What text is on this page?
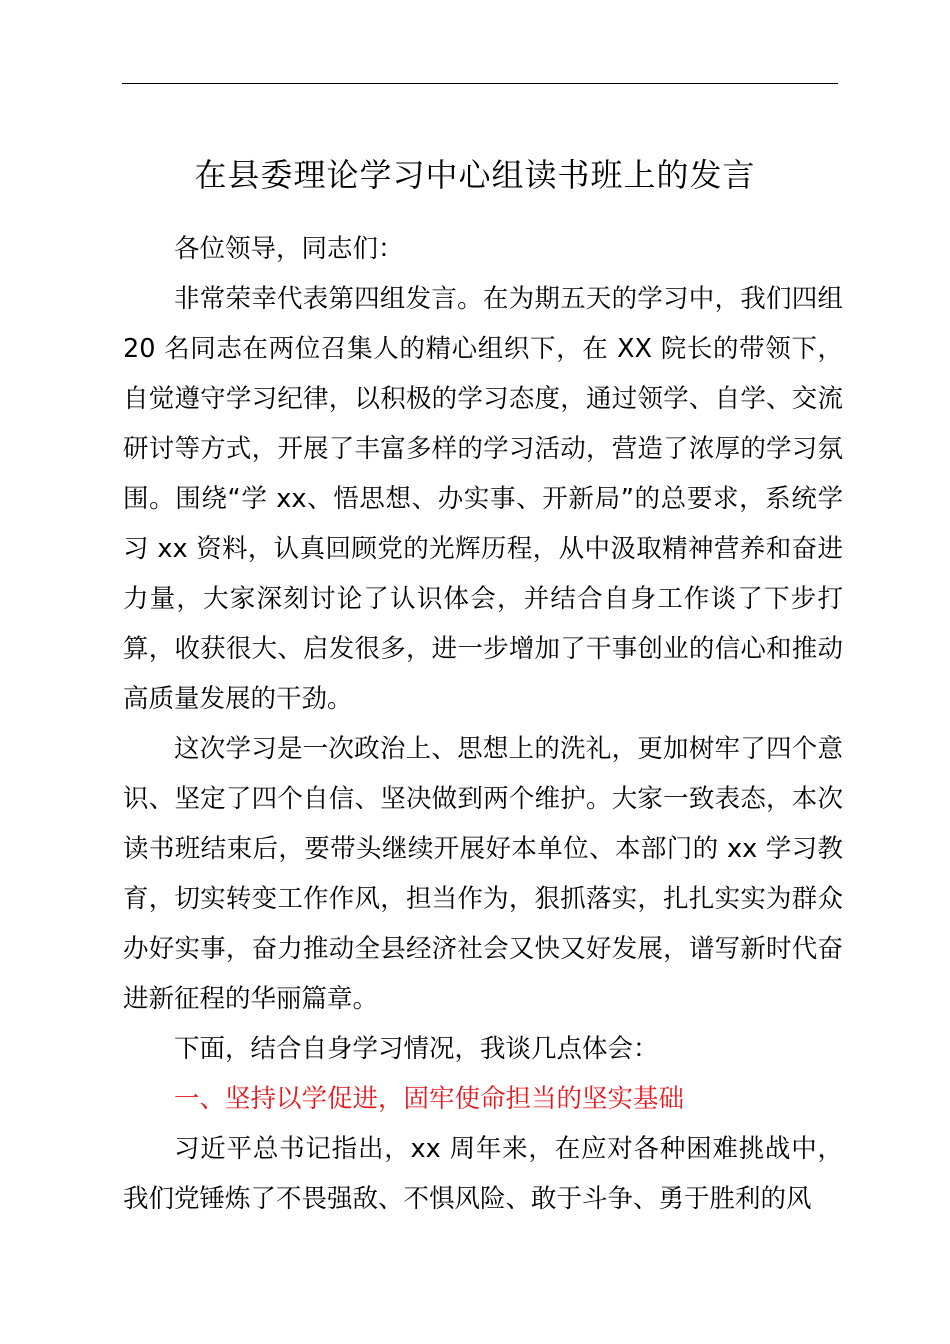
在县委理论学习中心组读书班上的发言

各位领导，同志们：

非常荣幸代表第四组发言。在为期五天的学习中，我们四组 20 名同志在两位召集人的精心组织下，在 XX 院长的带领下，自觉遵守学习纪律，以积极的学习态度，通过领学、自学、交流研讨等方式，开展了丰富多样的学习活动，营造了浓厚的学习氛围。围绕“学 xx、悟思想、办实事、开新局”的总要求，系统学习 xx 资料，认真回顾党的光辉历程，从中汲取精神营养和奋进力量，大家深刻讨论了认识体会，并结合自身工作谈了下步打算，收获很大、启发很多，进一步增加了干事创业的信心和推动高质量发展的干劲。

这次学习是一次政治上、思想上的洗礼，更加树牢了四个意识、坚定了四个自信、坚决做到两个维护。大家一致表态，本次读书班结束后，要带头继续开展好本单位、本部门的 xx 学习教育，切实转变工作作风，担当作为，狠抓落实，扎扎实实为群众办好实事，奋力推动全县经济社会又快又好发展，谱写新时代奋进新征程的华丽篇章。

下面，结合自身学习情况，我谈几点体会：

一、坚持以学促进，固牢使命担当的坚实基础

习近平总书记指出，xx 周年来，在应对各种困难挑战中，我们党锤炼了不畏强敌、不惧风险、敢于斗争、勇于胜利的风
